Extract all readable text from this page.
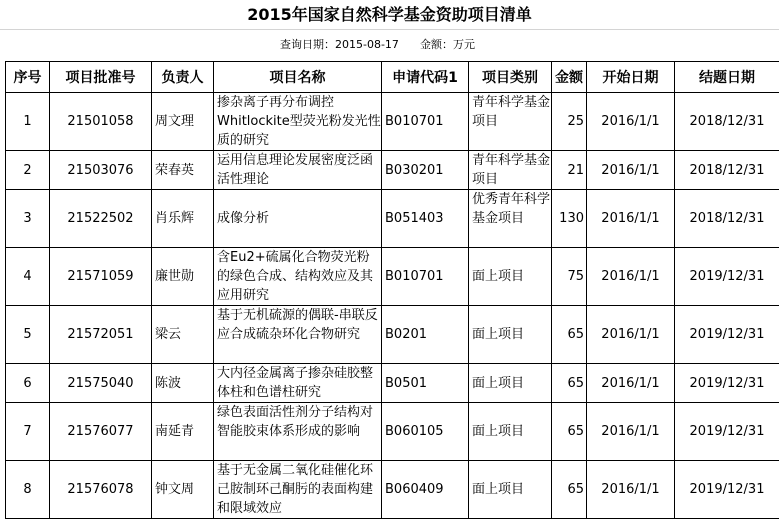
2015年国家自然科学基金资助项目清单
查询日期：2015-08-17 金额：万元
序号	项目批准号	负责人	项目名称	申请代码1	项目类别	金额	开始日期	结题日期
1	21501058	周文理	掺杂离子再分布调控Whitlockite型荧光粉发光性质的研究	B010701	青年科学基金项目	25	2016/1/1	2018/12/31
2	21503076	荣春英	运用信息理论发展密度泛函活性理论	B030201	青年科学基金项目	21	2016/1/1	2018/12/31
3	21522502	肖乐辉	成像分析	B051403	优秀青年科学基金项目	130	2016/1/1	2018/12/31
4	21571059	廉世勋	含Eu2+硫属化合物荧光粉的绿色合成、结构效应及其应用研究	B010701	面上项目	75	2016/1/1	2019/12/31
5	21572051	梁云	基于无机硫源的偶联-串联反应合成硫杂环化合物研究	B0201	面上项目	65	2016/1/1	2019/12/31
6	21575040	陈波	大内径金属离子掺杂硅胶整体柱和色谱柱研究	B0501	面上项目	65	2016/1/1	2019/12/31
7	21576077	南延青	绿色表面活性剂分子结构对智能胶束体系形成的影响	B060105	面上项目	65	2016/1/1	2019/12/31
8	21576078	钟文周	基于无金属二氧化硅催化环己胺制环己酮肟的表面构建和限域效应	B060409	面上项目	65	2016/1/1	2019/12/31
